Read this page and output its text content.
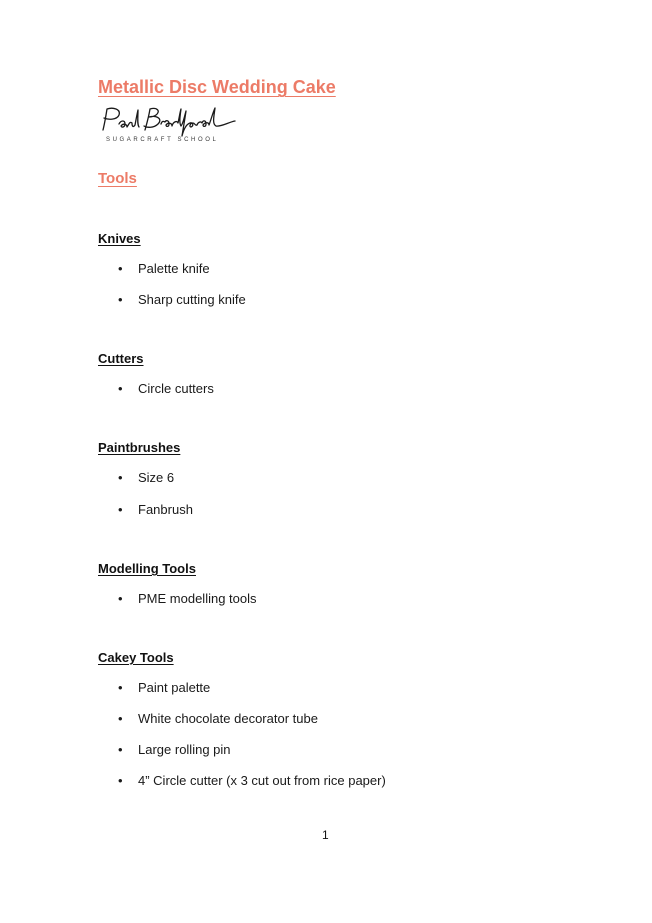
Metallic Disc Wedding Cake
SUGARCRAFT SCHOOL
Tools
Knives
• Palette knife
• Sharp cutting knife
Cutters
• Circle cutters
Paintbrushes
• Size 6
• Fanbrush
Modelling Tools
• PME modelling tools
Cakey Tools
• Paint palette
• White chocolate decorator tube
• Large rolling pin
• 4” Circle cutter (x 3 cut out from rice paper)
1
